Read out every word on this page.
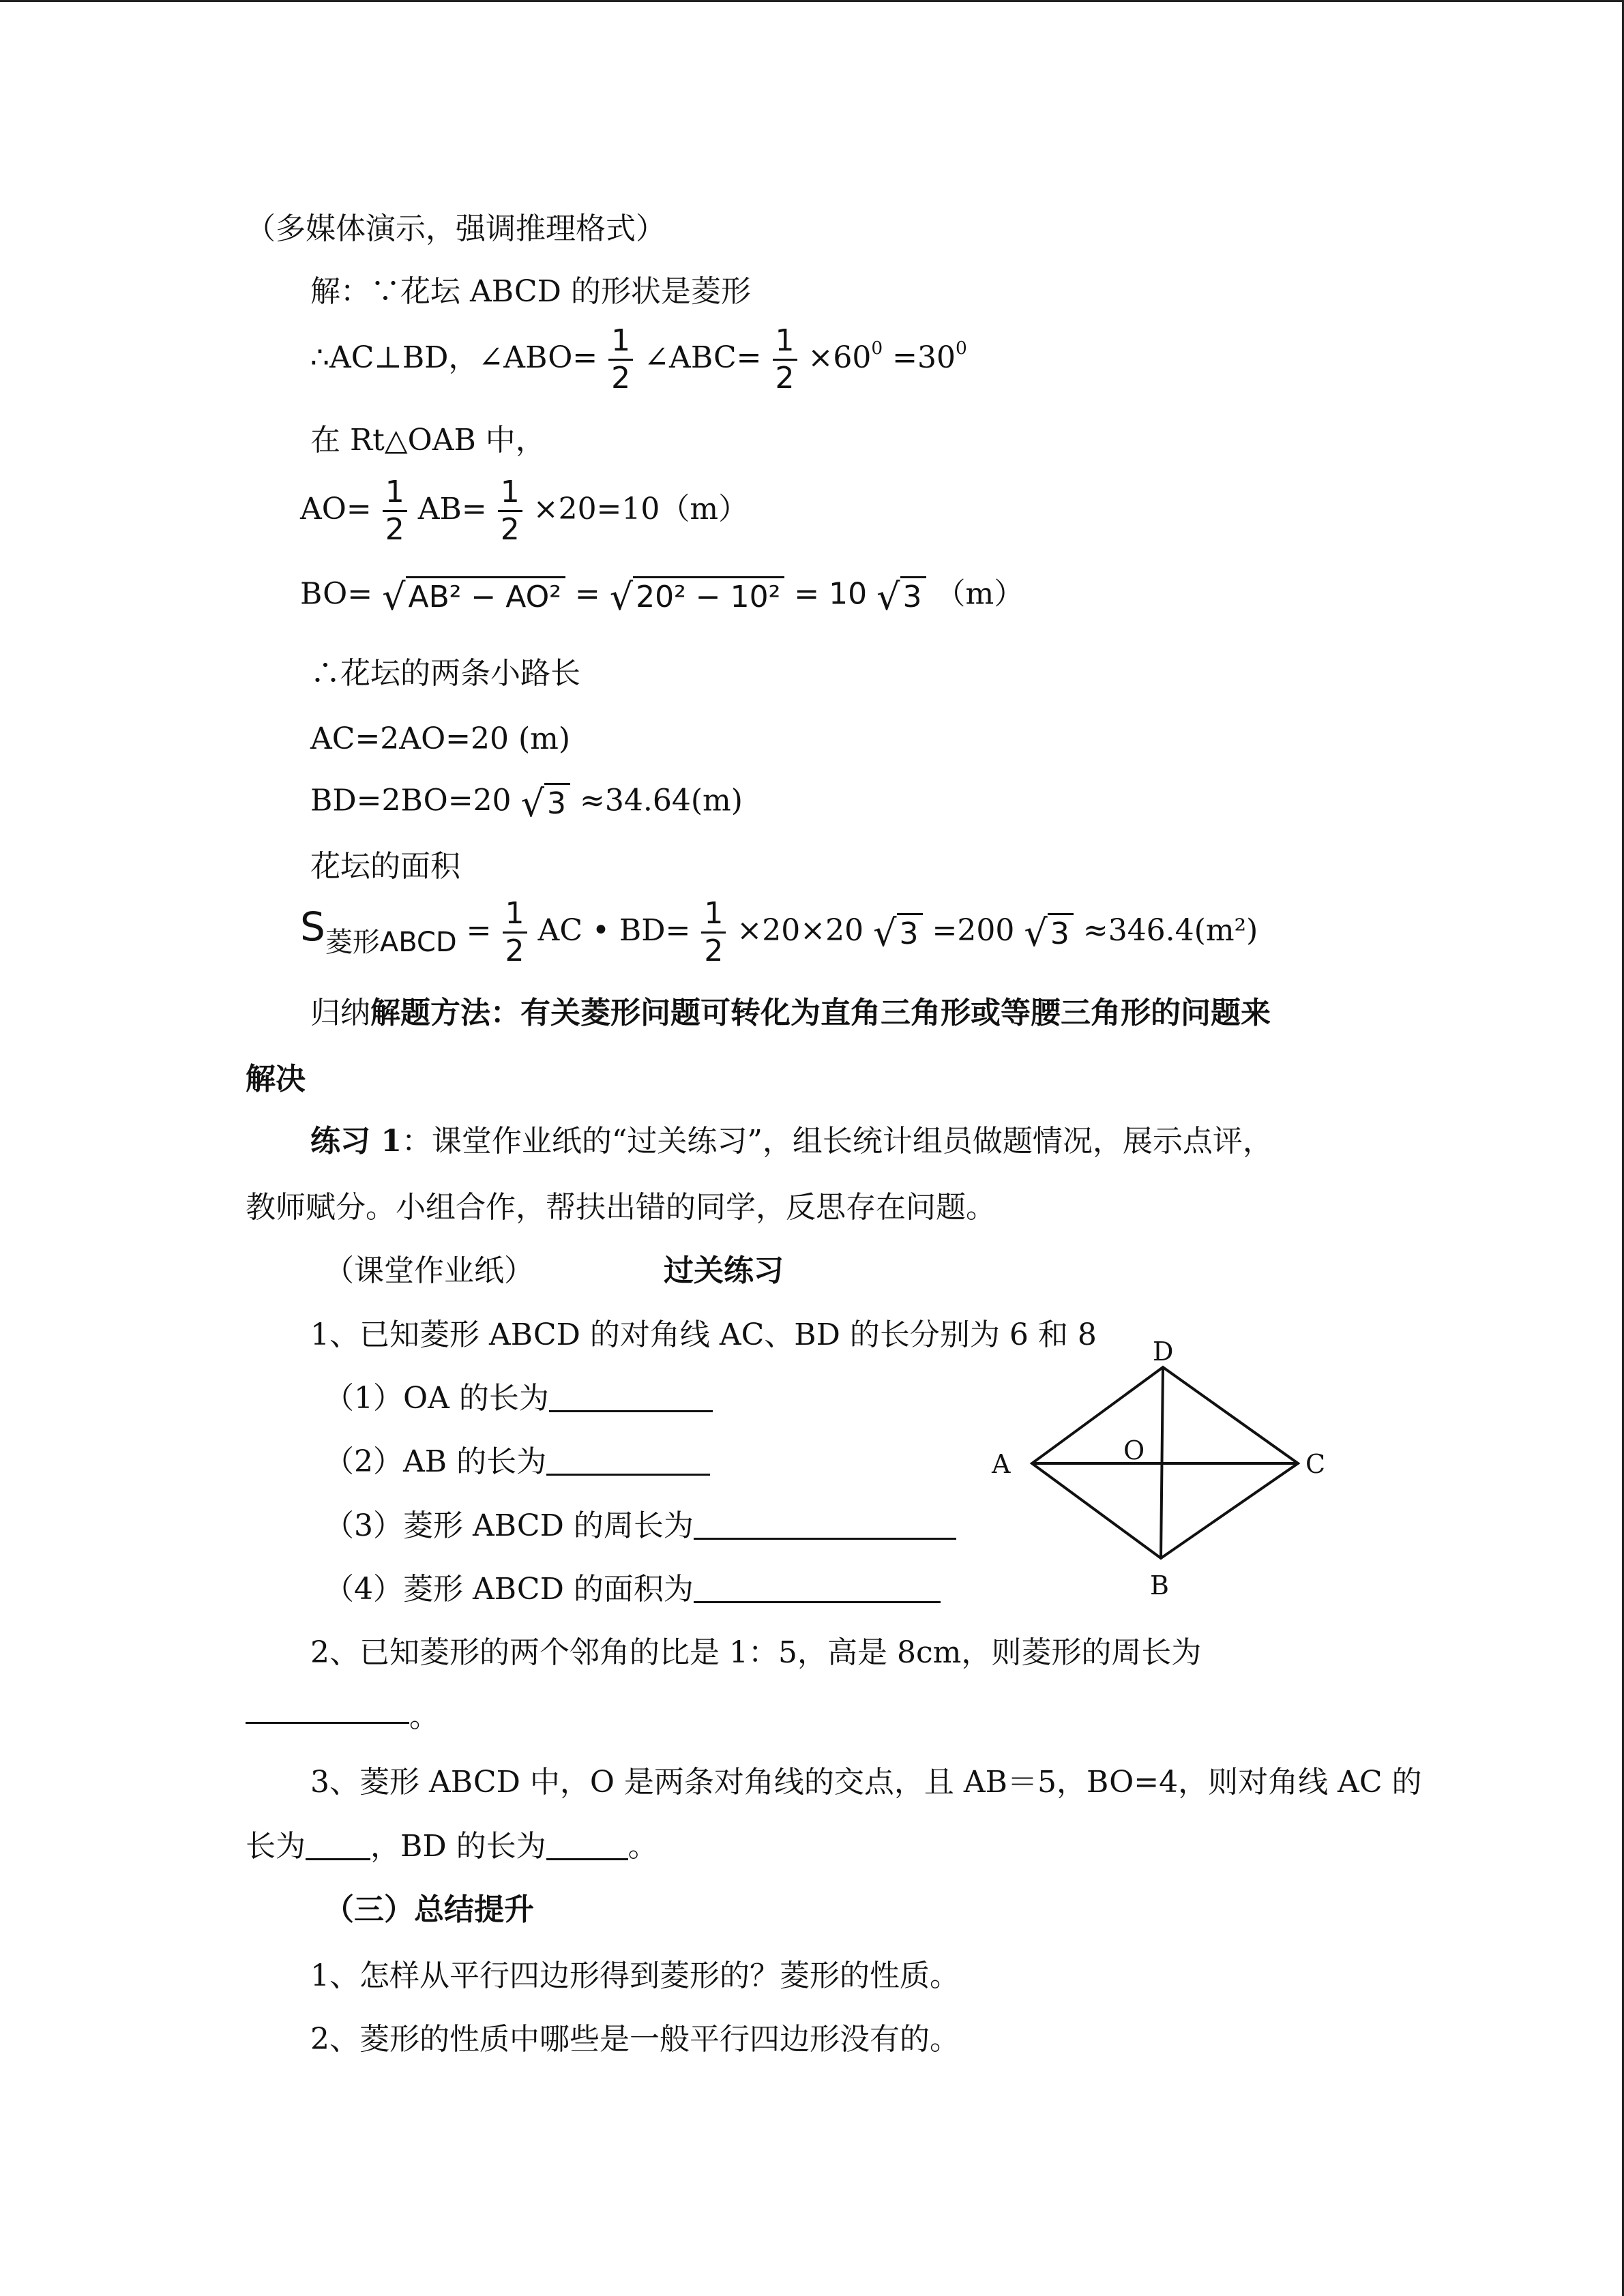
（多媒体演示，强调推理格式）
解：∵花坛 ABCD 的形状是菱形
∴AC⊥BD，∠ABO= $\frac{1}{2}$ ∠ABC= $\frac{1}{2} \times 60^0 =30^0$
在 Rt△OAB 中，
$AO= \frac{1}{2} AB= \frac{1}{2} \times 20=10(m)$
BO= √ AB² − AO² = √ 20² − 10² = 10 √ 3 （m）
∴花坛的两条小路长
AC=2AO=20 (m)
BD=2BO=20 √ 3 ≈34.64(m)
花坛的面积
S菱形ABCD = $\frac{1}{2}$ AC • $BD= \frac{1}{2} \times 20\times 20$ √ 3 =200 √ 3 ≈346.4(m²)
归纳解题方法：有关菱形问题可转化为直角三角形或等腰三角形的问题来
解决
练习 1：课堂作业纸的“过关练习”，组长统计组员做题情况，展示点评，
教师赋分。小组合作，帮扶出错的同学，反思存在问题。
（课堂作业纸）	过关练习
1、已知菱形 ABCD 的对角线 AC、BD 的长分别为 6 和 8
（1）OA 的长为
（2）AB 的长为
（3）菱形 ABCD 的周长为
（4）菱形 ABCD 的面积为
D
A	C
B
O
2、已知菱形的两个邻角的比是 1：5，高是 8cm，则菱形的周长为
。
3、菱形 ABCD 中，O 是两条对角线的交点，且 AB＝5，BO=4，则对角线 AC 的
长为 ，BD 的长为	。
（三）总结提升
1、怎样从平行四边形得到菱形的？菱形的性质。
2、菱形的性质中哪些是一般平行四边形没有的。
